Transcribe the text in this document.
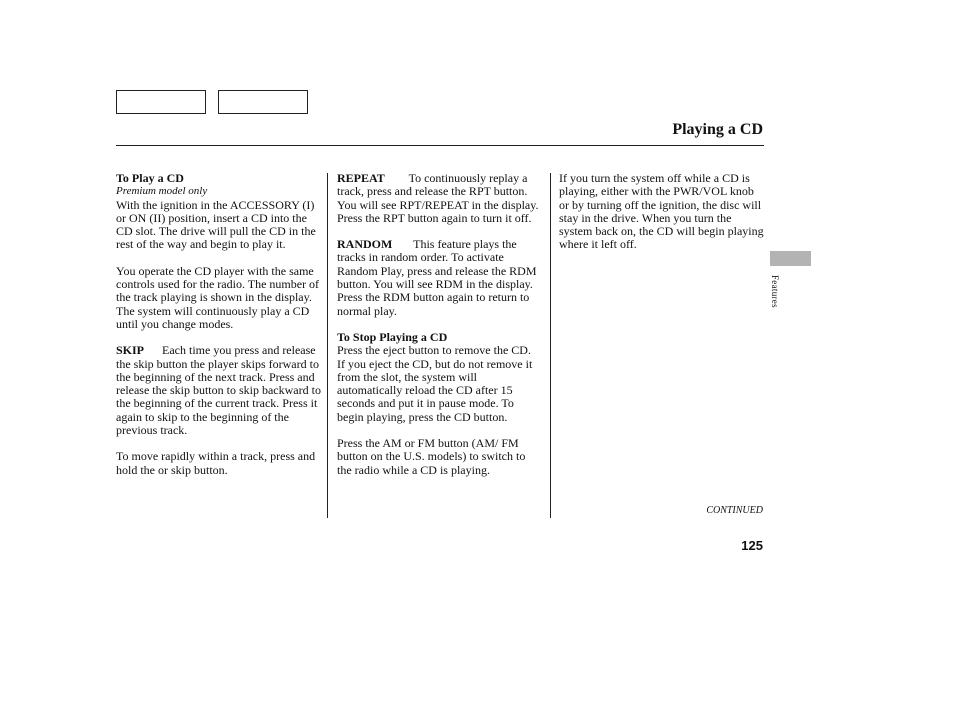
Playing a CD
To Play a CD
Premium model only

With the ignition in the ACCESSORY (I) or ON (II) position, insert a CD into the CD slot. The drive will pull the CD in the rest of the way and begin to play it.

You operate the CD player with the same controls used for the radio. The number of the track playing is shown in the display. The system will continuously play a CD until you change modes.

SKIP Each time you press and release the skip button the player skips forward to the beginning of the next track. Press and release the skip button to skip backward to the beginning of the current track. Press it again to skip to the beginning of the previous track.

To move rapidly within a track, press and hold the or skip button.

REPEAT To continuously replay a track, press and release the RPT button. You will see RPT/REPEAT in the display. Press the RPT button again to turn it off.

RANDOM This feature plays the tracks in random order. To activate Random Play, press and release the RDM button. You will see RDM in the display. Press the RDM button again to return to normal play.

To Stop Playing a CD

Press the eject button to remove the CD. If you eject the CD, but do not remove it from the slot, the system will automatically reload the CD after 15 seconds and put it in pause mode. To begin playing, press the CD button.

Press the AM or FM button (AM/ FM button on the U.S. models) to switch to the radio while a CD is playing.

If you turn the system off while a CD is playing, either with the PWR/VOL knob or by turning off the ignition, the disc will stay in the drive. When you turn the system back on, the CD will begin playing where it left off.

Features
CONTINUED
125
